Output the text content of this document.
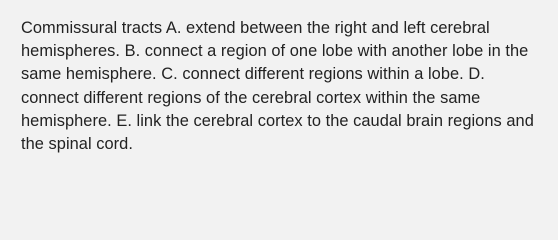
Commissural tracts A. extend between the right and left cerebral hemispheres. B. connect a region of one lobe with another lobe in the same hemisphere. C. connect different regions within a lobe. D. connect different regions of the cerebral cortex within the same hemisphere. E. link the cerebral cortex to the caudal brain regions and the spinal cord.
